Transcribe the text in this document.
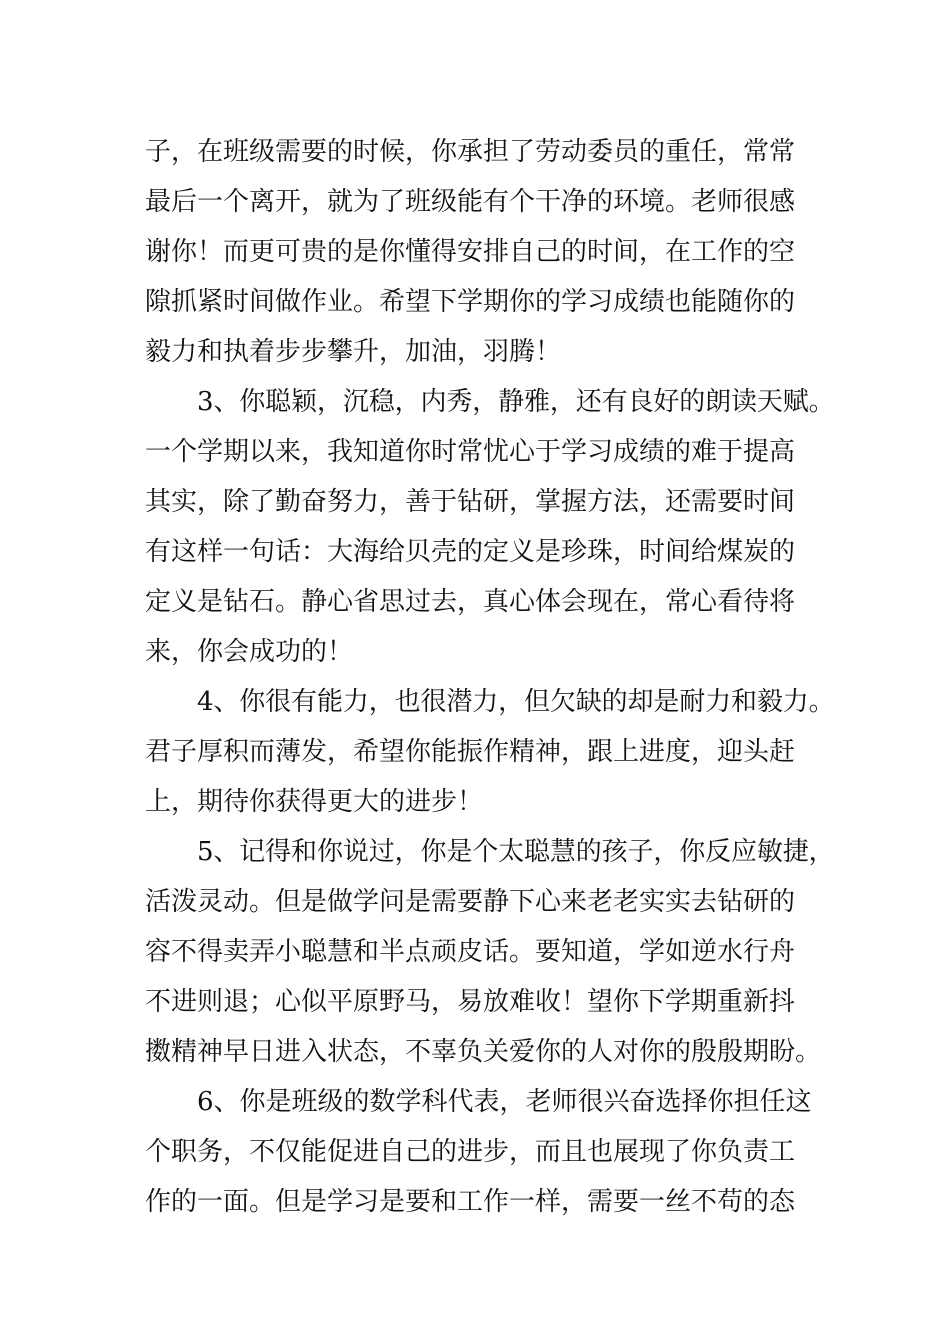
子，在班级需要的时候，你承担了劳动委员的重任，常常
最后一个离开，就为了班级能有个干净的环境。老师很感
谢你！而更可贵的是你懂得安排自己的时间，在工作的空
隙抓紧时间做作业。希望下学期你的学习成绩也能随你的
毅力和执着步步攀升，加油，羽腾！
3、你聪颖，沉稳，内秀，静雅，还有良好的朗读天赋。
一个学期以来，我知道你时常忧心于学习成绩的难于提高
其实，除了勤奋努力，善于钻研，掌握方法，还需要时间
有这样一句话：大海给贝壳的定义是珍珠，时间给煤炭的
定义是钻石。静心省思过去，真心体会现在，常心看待将
来，你会成功的！
4、你很有能力，也很潜力，但欠缺的却是耐力和毅力。
君子厚积而薄发，希望你能振作精神，跟上进度，迎头赶
上，期待你获得更大的进步！
5、记得和你说过，你是个太聪慧的孩子，你反应敏捷，
活泼灵动。但是做学问是需要静下心来老老实实去钻研的
容不得卖弄小聪慧和半点顽皮话。要知道，学如逆水行舟
不进则退；心似平原野马，易放难收！望你下学期重新抖
擞精神早日进入状态，不辜负关爱你的人对你的殷殷期盼。
6、你是班级的数学科代表，老师很兴奋选择你担任这
个职务，不仅能促进自己的进步，而且也展现了你负责工
作的一面。但是学习是要和工作一样，需要一丝不苟的态
